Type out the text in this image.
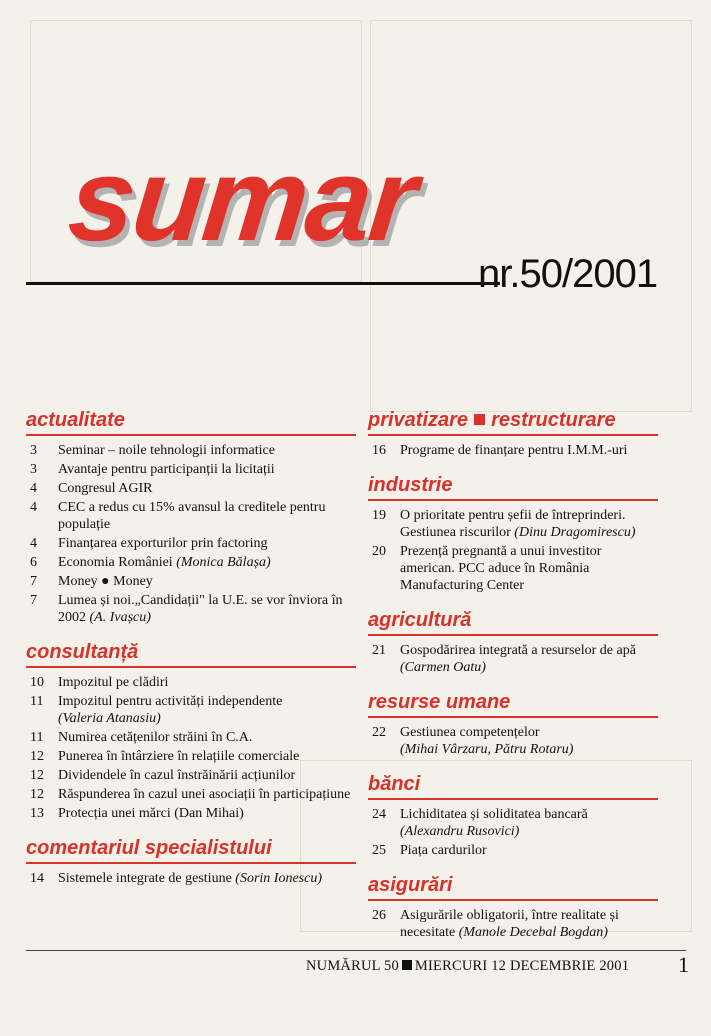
sumar
nr.50/2001
actualitate
3	Seminar – noile tehnologii informatice
3	Avantaje pentru participanții la licitații
4	Congresul AGIR
4	CEC a redus cu 15% avansul la creditele pentru populație
4	Finanțarea exporturilor prin factoring
6	Economia României (Monica Bălașa)
7	Money ● Money
7	Lumea și noi.„Candidații" la U.E. se vor înviora în 2002 (A. Ivașcu)
consultanță
10	Impozitul pe clădiri
11	Impozitul pentru activități independente
(Valeria Atanasiu)
11	Numirea cetățenilor străini în C.A.
12	Punerea în întârziere în relațiile comerciale
12	Dividendele în cazul înstrăinării acțiunilor
12	Răspunderea în cazul unei asociații în participațiune
13	Protecția unei mărci (Dan Mihai)
comentariul specialistului
14	Sistemele integrate de gestiune (Sorin Ionescu)
privatizare restructurare
16	Programe de finanțare pentru I.M.M.-uri
industrie
19	O prioritate pentru șefii de întreprinderi. Gestiunea riscurilor (Dinu Dragomirescu)
20	Prezență pregnantă a unui investitor american. PCC aduce în România Manufacturing Center
agricultură
21	Gospodărirea integrată a resurselor de apă
(Carmen Oatu)
resurse umane
22	Gestiunea competențelor
(Mihai Vârzaru, Pătru Rotaru)
bănci
24	Lichiditatea și soliditatea bancară
(Alexandru Rusovici)
25	Piața cardurilor
asigurări
26	Asigurările obligatorii, între realitate și necesitate (Manole Decebal Bogdan)
NUMĂRUL 50 MIERCURI 12 DECEMBRIE 2001 1
